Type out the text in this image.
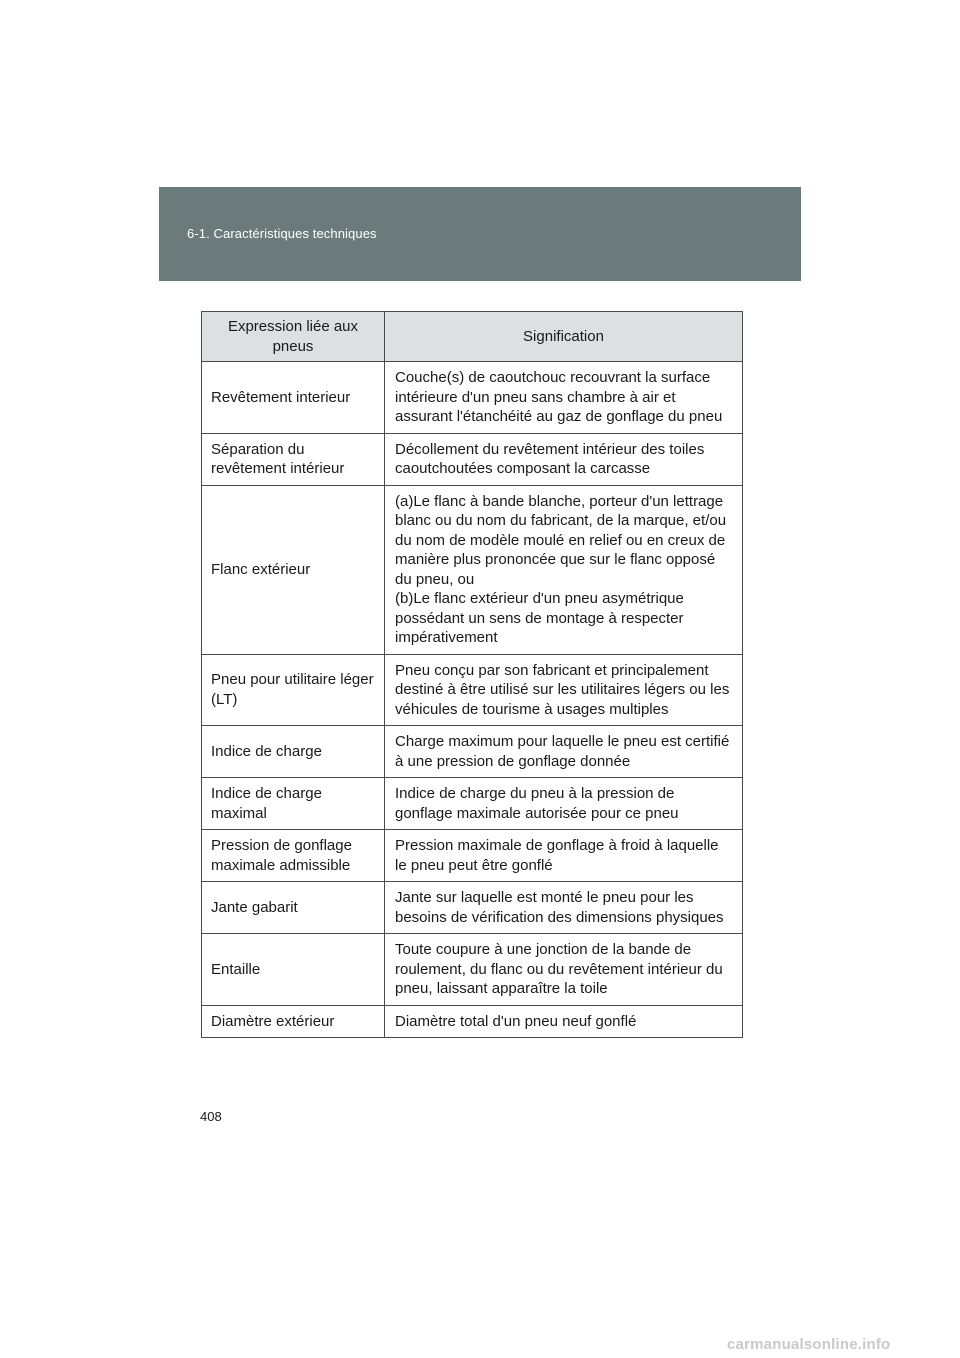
6-1. Caractéristiques techniques
Expression liée aux pneus	Signification
Revêtement interieur	Couche(s) de caoutchouc recouvrant la surface intérieure d'un pneu sans chambre à air et assurant l'étanchéité au gaz de gonflage du pneu
Séparation du revêtement intérieur	Décollement du revêtement intérieur des toiles caoutchoutées composant la carcasse
Flanc extérieur	(a)Le flanc à bande blanche, porteur d'un lettrage blanc ou du nom du fabricant, de la marque, et/ou du nom de modèle moulé en relief ou en creux de manière plus prononcée que sur le flanc opposé du pneu, ou
(b)Le flanc extérieur d'un pneu asymétrique possédant un sens de montage à respecter impérativement
Pneu pour utilitaire léger (LT)	Pneu conçu par son fabricant et principalement destiné à être utilisé sur les utilitaires légers ou les véhicules de tourisme à usages multiples
Indice de charge	Charge maximum pour laquelle le pneu est certifié à une pression de gonflage donnée
Indice de charge maximal	Indice de charge du pneu à la pression de gonflage maximale autorisée pour ce pneu
Pression de gonflage maximale admissible	Pression maximale de gonflage à froid à laquelle le pneu peut être gonflé
Jante gabarit	Jante sur laquelle est monté le pneu pour les besoins de vérification des dimensions physiques
Entaille	Toute coupure à une jonction de la bande de roulement, du flanc ou du revêtement intérieur du pneu, laissant apparaître la toile
Diamètre extérieur	Diamètre total d'un pneu neuf gonflé
408
carmanualsonline.info
